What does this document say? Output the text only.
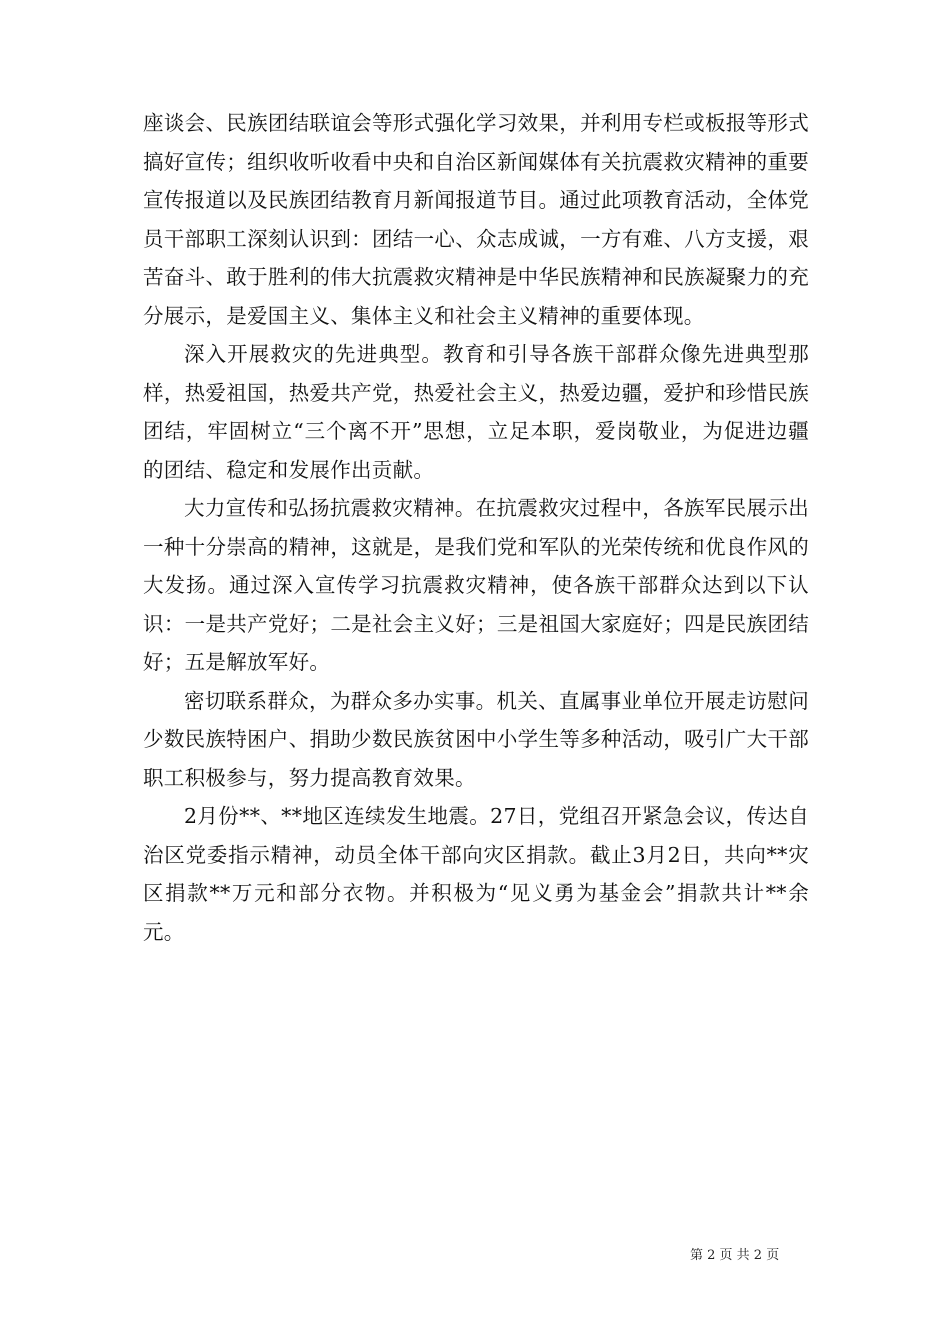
座谈会、民族团结联谊会等形式强化学习效果，并利用专栏或板报等形式搞好宣传；组织收听收看中央和自治区新闻媒体有关抗震救灾精神的重要宣传报道以及民族团结教育月新闻报道节目。通过此项教育活动，全体党员干部职工深刻认识到：团结一心、众志成诚，一方有难、八方支援，艰苦奋斗、敢于胜利的伟大抗震救灾精神是中华民族精神和民族凝聚力的充分展示，是爱国主义、集体主义和社会主义精神的重要体现。

深入开展救灾的先进典型。教育和引导各族干部群众像先进典型那样，热爱祖国，热爱共产党，热爱社会主义，热爱边疆，爱护和珍惜民族团结，牢固树立“三个离不开”思想，立足本职，爱岗敬业，为促进边疆的团结、稳定和发展作出贡献。

大力宣传和弘扬抗震救灾精神。在抗震救灾过程中，各族军民展示出一种十分崇高的精神，这就是，是我们党和军队的光荣传统和优良作风的大发扬。通过深入宣传学习抗震救灾精神，使各族干部群众达到以下认识：一是共产党好；二是社会主义好；三是祖国大家庭好；四是民族团结好；五是解放军好。

密切联系群众，为群众多办实事。机关、直属事业单位开展走访慰问少数民族特困户、捐助少数民族贫困中小学生等多种活动，吸引广大干部职工积极参与，努力提高教育效果。

2月份**、**地区连续发生地震。27日，党组召开紧急会议，传达自治区党委指示精神，动员全体干部向灾区捐款。截止3月2日，共向**灾区捐款**万元和部分衣物。并积极为“见义勇为基金会”捐款共计**余元。

第 2 页 共 2 页
